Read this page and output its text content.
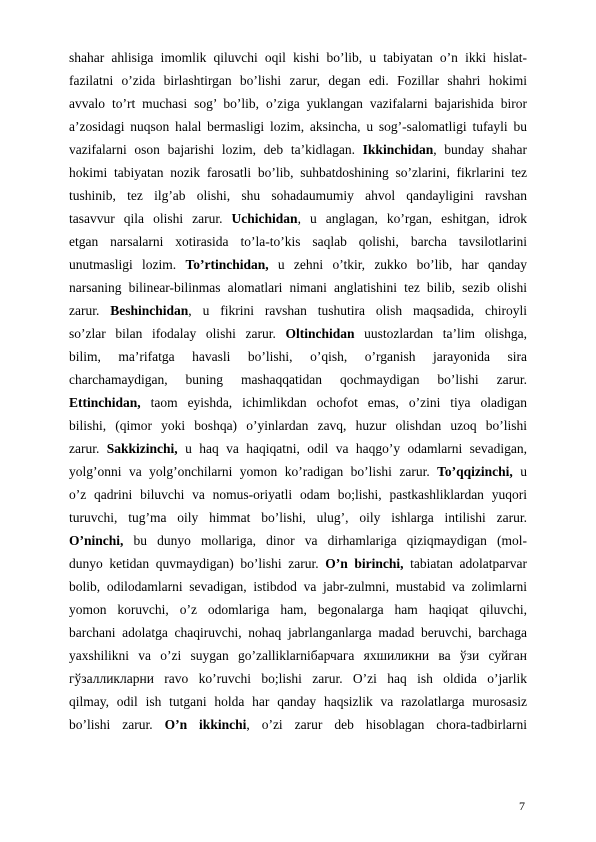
shahar ahlisiga imomlik qiluvchi oqil kishi bo’lib, u tabiyatan o’n ikki hislat-
fazilatni o’zida birlashtirgan bo’lishi zarur, degan edi. Fozillar shahri hokimi
avvalo to’rt muchasi sog’ bo’lib, o’ziga yuklangan vazifalarni bajarishida biror
a’zosidagi nuqson halal bermasligi lozim, aksincha, u sog’-salomatligi tufayli bu
vazifalarni oson bajarishi lozim, deb ta’kidlagan. Ikkinchidan, bunday shahar
hokimi tabiyatan nozik farosatli bo’lib, suhbatdoshining so’zlarini, fikrlarini tez
tushinib, tez ilg’ab olishi, shu sohadaumumiy ahvol qandayligini ravshan
tasavvur qila olishi zarur. Uchichidan, u anglagan, ko’rgan, eshitgan, idrok
etgan narsalarni xotirasida to’la-to’kis saqlab qolishi, barcha tavsilotlarini
unutmasligi lozim. To’rtinchidan, u zehni o’tkir, zukko bo’lib, har qanday
narsaning bilinear-bilinmas alomatlari nimani anglatishini tez bilib, sezib olishi
zarur. Beshinchidan, u fikrini ravshan tushutira olish maqsadida, chiroyli
so’zlar bilan ifodalay olishi zarur. Oltinchidan uustozlardan ta’lim olishga,
bilim, ma’rifatga havasli bo’lishi, o’qish, o’rganish jarayonida sira
charchamaydigan, buning mashaqqatidan qochmaydigan bo’lishi zarur.
Ettinchidan, taom eyishda, ichimlikdan ochofot emas, o’zini tiya oladigan
bilishi, (qimor yoki boshqa) o’yinlardan zavq, huzur olishdan uzoq bo’lishi
zarur. Sakkizinchi, u haq va haqiqatni, odil va haqgo’y odamlarni sevadigan,
yolg’onni va yolg’onchilarni yomon ko’radigan bo’lishi zarur. To’qqizinchi, u
o’z qadrini biluvchi va nomus-oriyatli odam bo;lishi, pastkashliklardan yuqori
turuvchi, tug’ma oily himmat bo’lishi, ulug’, oily ishlarga intilishi zarur.
O’ninchi, bu dunyo mollariga, dinor va dirhamlariga qiziqmaydigan (mol-
dunyo ketidan quvmaydigan) bo’lishi zarur. O’n birinchi, tabiatan adolatparvar
bolib, odilodamlarni sevadigan, istibdod va jabr-zulmni, mustabid va zolimlarni
yomon koruvchi, o’z odomlariga ham, begonalarga ham haqiqat qiluvchi,
barchani adolatga chaqiruvchi, nohaq jabrlanganlarga madad beruvchi, barchaga
yaxshilikni va o’zi suygan go’zalliklarniбарчага яхшиликни ва ўзи суйган
гўзалликларни ravo ko’ruvchi bo;lishi zarur. O’zi haq ish oldida o’jarlik
qilmay, odil ish tutgani holda har qanday haqsizlik va razolatlarga murosasiz
bo’lishi zarur. O’n ikkinchi, o’zi zarur deb hisoblagan chora-tadbirlarni
7
